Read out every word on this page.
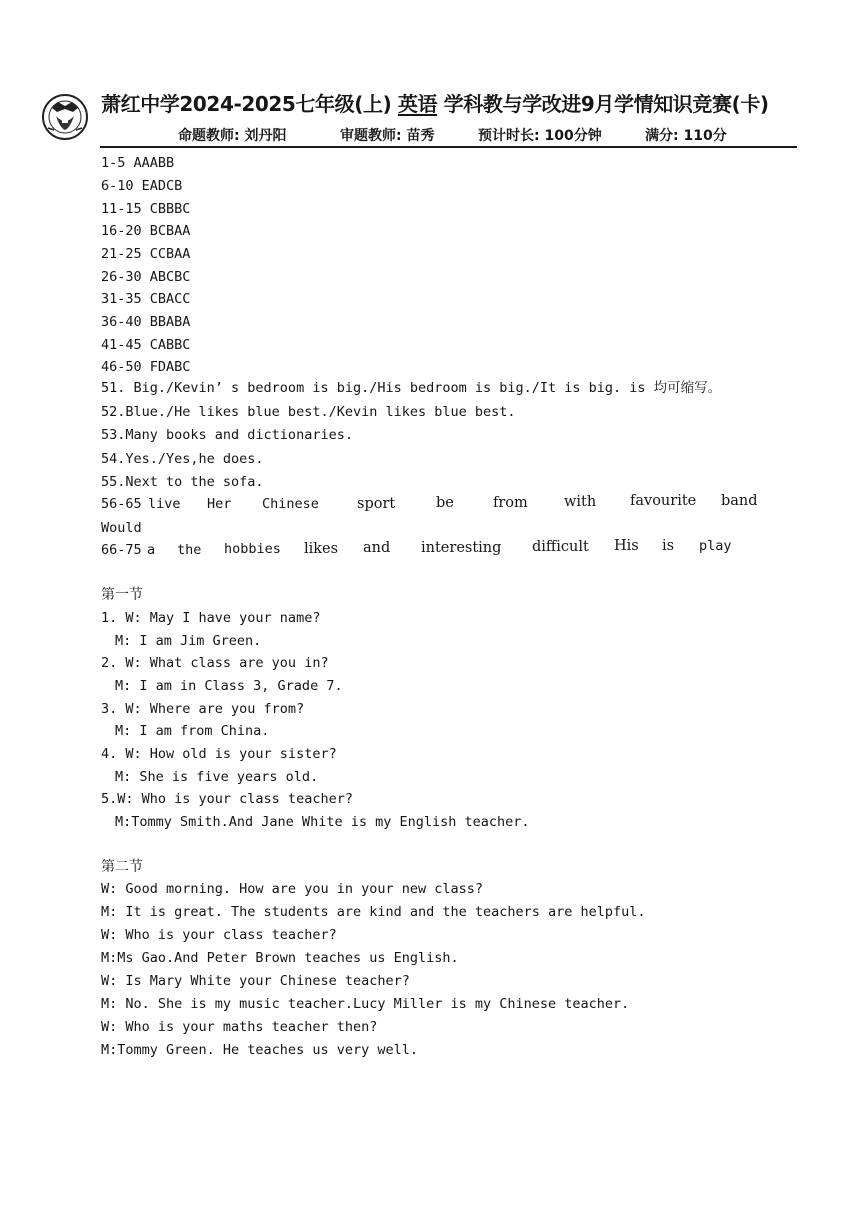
萧红中学2024-2025七年级(上) 英语 学科教与学改进9月学情知识竞赛(卡)
命题教师: 刘丹阳	审题教师: 苗秀	预计时长: 100分钟	满分: 110分
1-5 AAABB
6-10 EADCB
11-15 CBBBC
16-20 BCBAA
21-25 CCBAA
26-30 ABCBC
31-35 CBACC
36-40 BBABA
41-45 CABBC
46-50 FDABC
51. Big./Kevin’ s bedroom is big./His bedroom is big./It is big. is 均可缩写。
52.Blue./He likes blue best./Kevin likes blue best.
53.Many books and dictionaries.
54.Yes./Yes,he does.
55.Next to the sofa.
56-65 live Her Chinese	sport	be	from with favourite band
Would
66-75 a the hobbies likes and interesting difficult His is play
第一节
1. W: May I have your name?
M: I am Jim Green.
2. W: What class are you in?
M: I am in Class 3, Grade 7.
3. W: Where are you from?
M: I am from China.
4. W: How old is your sister?
M: She is five years old.
5.W: Who is your class teacher?
M:Tommy Smith.And Jane White is my English teacher.
第二节
W: Good morning. How are you in your new class?
M: It is great. The students are kind and the teachers are helpful.
W: Who is your class teacher?
M:Ms Gao.And Peter Brown teaches us English.
W: Is Mary White your Chinese teacher?
M: No. She is my music teacher.Lucy Miller is my Chinese teacher.
W: Who is your maths teacher then?
M:Tommy Green. He teaches us very well.
